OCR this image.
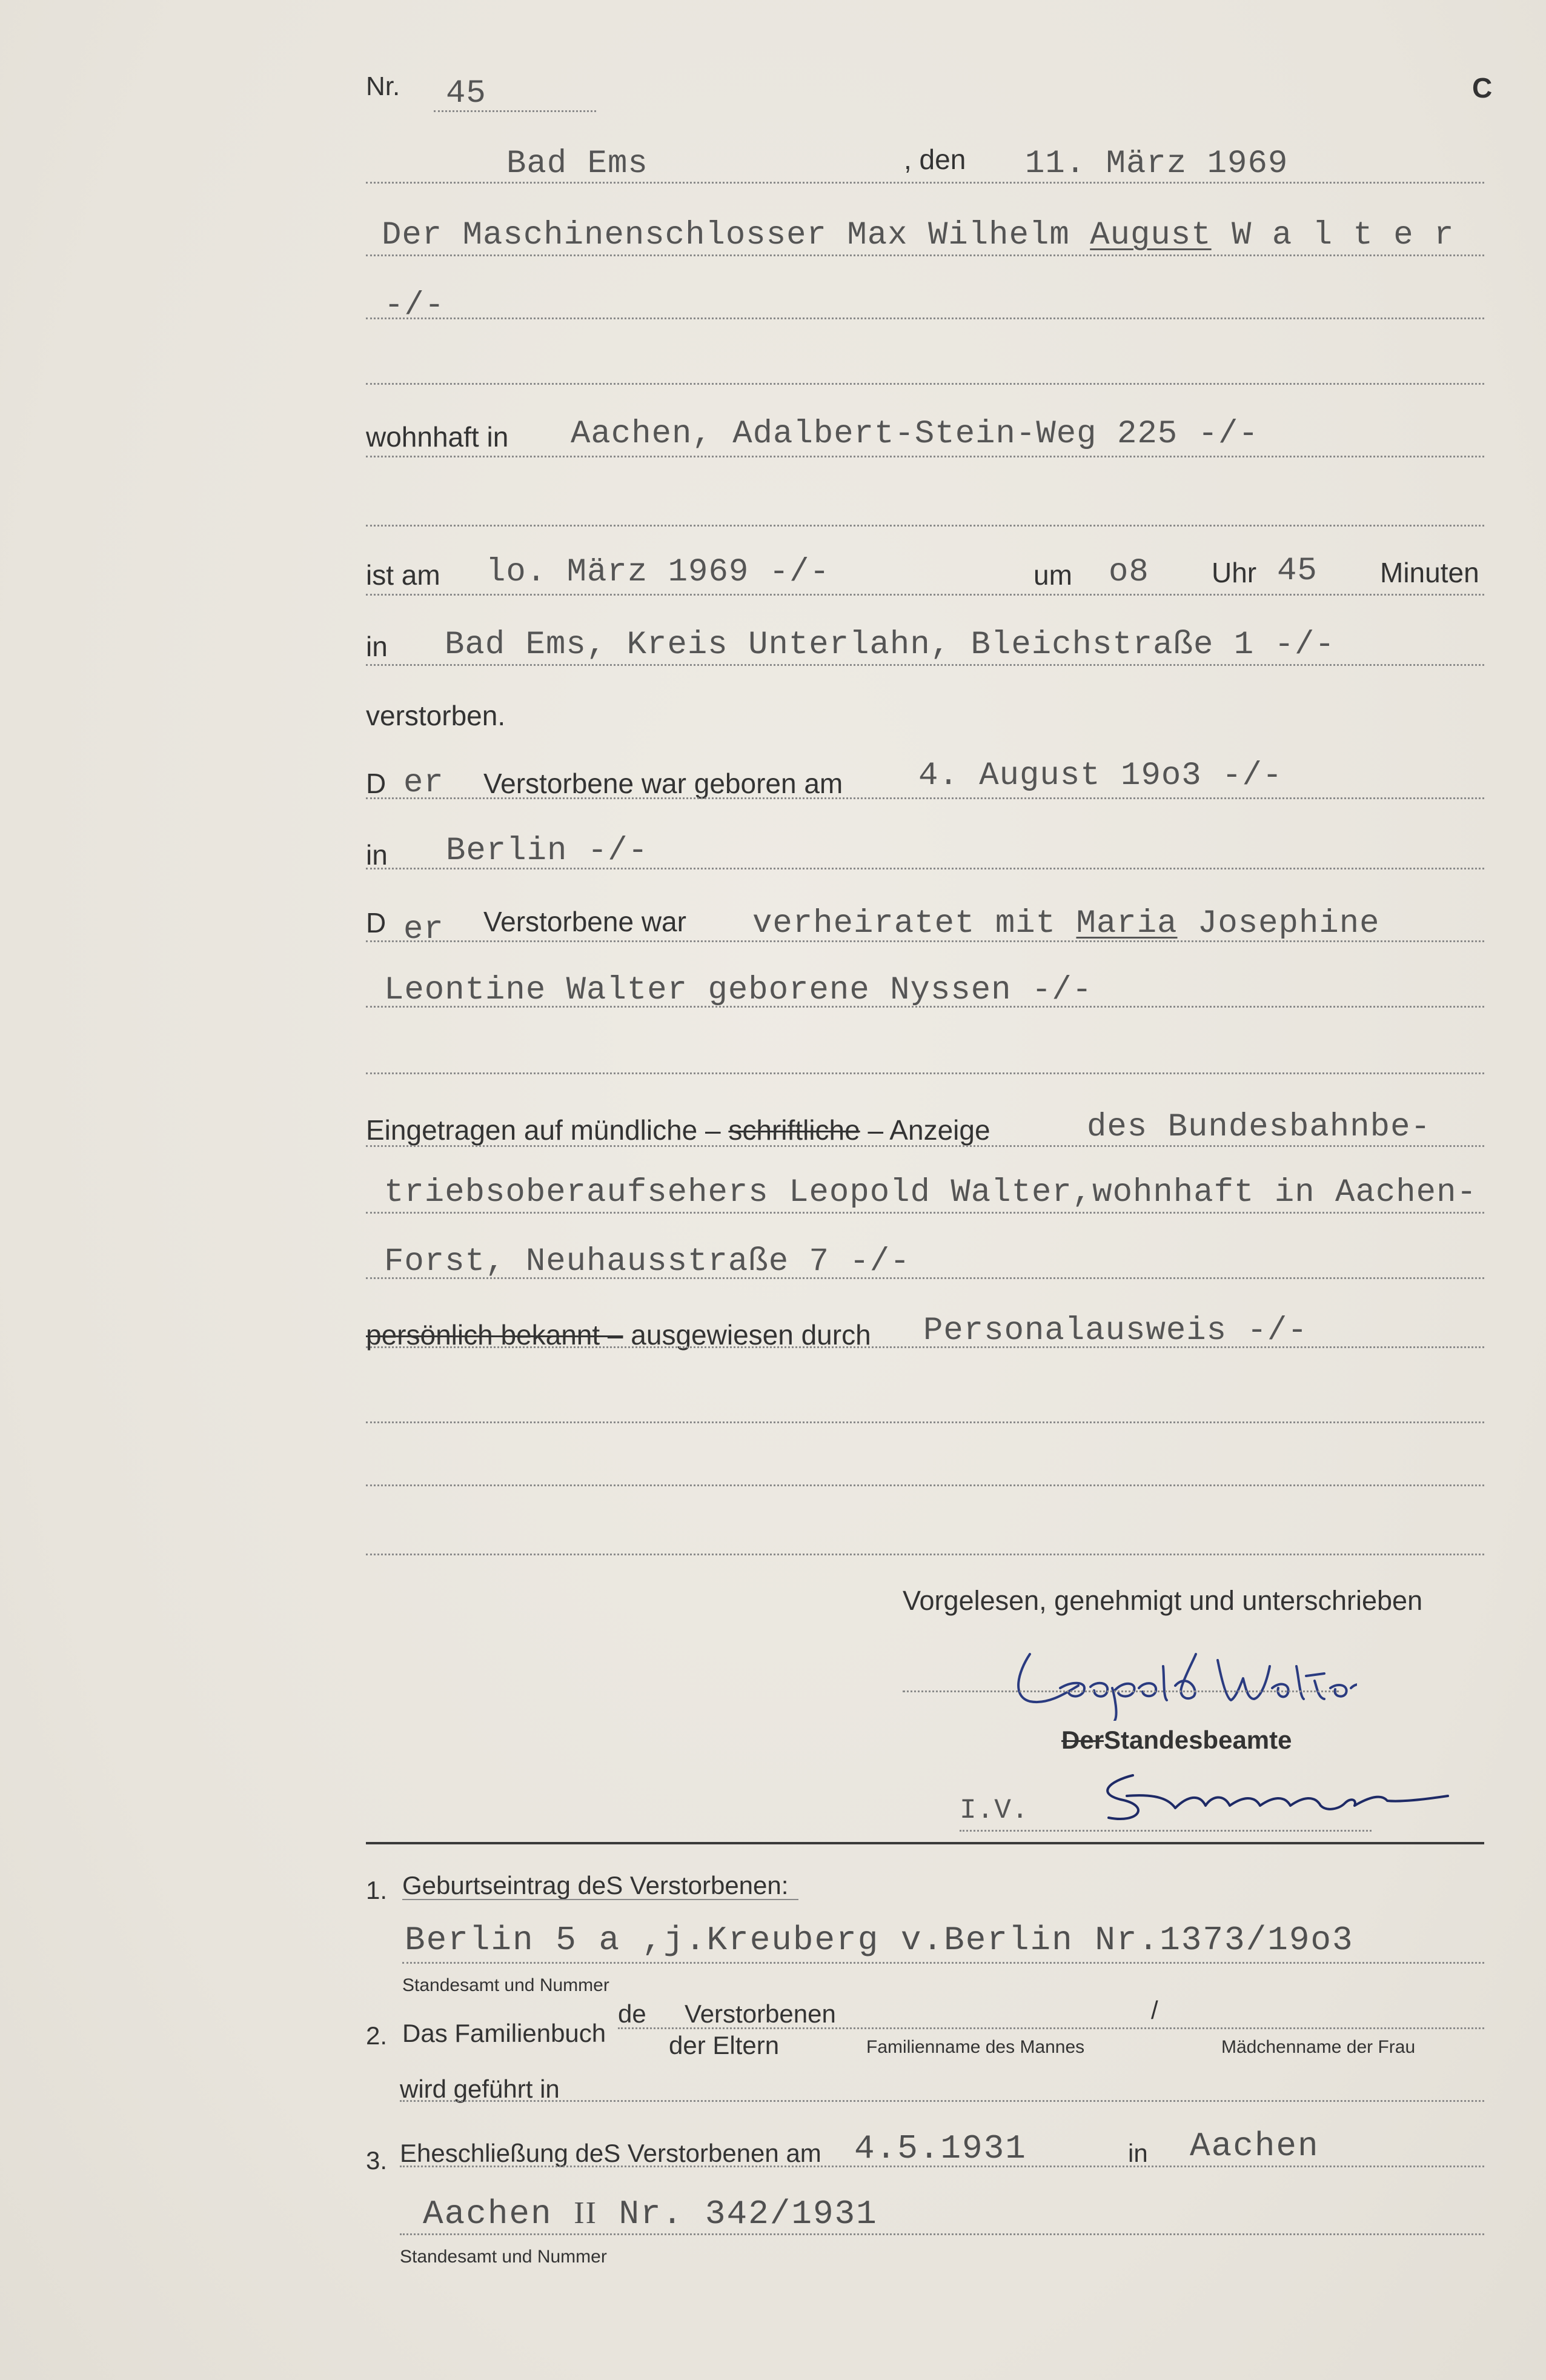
Nr. 45	C
Bad Ems	, den 11. März 1969
Der Maschinenschlosser Max Wilhelm August W a l t e r
-/-
wohnhaft in Aachen, Adalbert-Stein-Weg 225 -/-
ist am lo. März 1969 -/-	um o8 Uhr 45 Minuten
in Bad Ems, Kreis Unterlahn, Bleichstraße 1 -/-
verstorben.
D er Verstorbene war geboren am 4. August 19o3 -/-
in Berlin -/-
D er Verstorbene war verheiratet mit Maria Josephine
Leontine Walter geborene Nyssen -/-
Eingetragen auf mündliche – schriftliche – Anzeige	des Bundesbahnbe-
triebsoberaufsehers Leopold Walter,wohnhaft in Aachen-
Forst, Neuhausstraße 7 -/-
persönlich bekannt – ausgewiesen durch Personalausweis -/-
Vorgelesen, genehmigt und unterschrieben
DerStandesbeamte
I.V.
1. Geburtseintrag deS Verstorbenen:
Berlin 5 a ,j.Kreuberg v.Berlin Nr.1373/19o3
Standesamt und Nummer
2. Das Familienbuch
de Verstorbenen	/
der Eltern	Familienname des Mannes	Mädchenname der Frau
wird geführt in
3. Eheschließung deS Verstorbenen am 4.5.1931	in Aachen
Aachen II Nr. 342/1931
Standesamt und Nummer
